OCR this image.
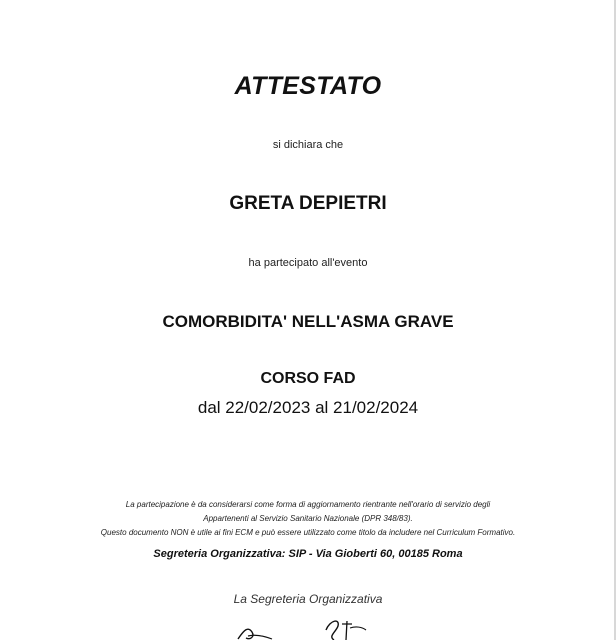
ATTESTATO
si dichiara che
GRETA DEPIETRI
ha partecipato all'evento
COMORBIDITA' NELL'ASMA GRAVE
CORSO FAD
dal 22/02/2023 al 21/02/2024
La partecipazione è da considerarsi come forma di aggiornamento rientrante nell'orario di servizio degli
Appartenenti al Servizio Sanitario Nazionale (DPR 348/83).
Questo documento NON è utile ai fini ECM e può essere utilizzato come titolo da includere nel Curriculum Formativo.
Segreteria Organizzativa: SIP - Via Gioberti 60, 00185 Roma
La Segreteria Organizzativa
